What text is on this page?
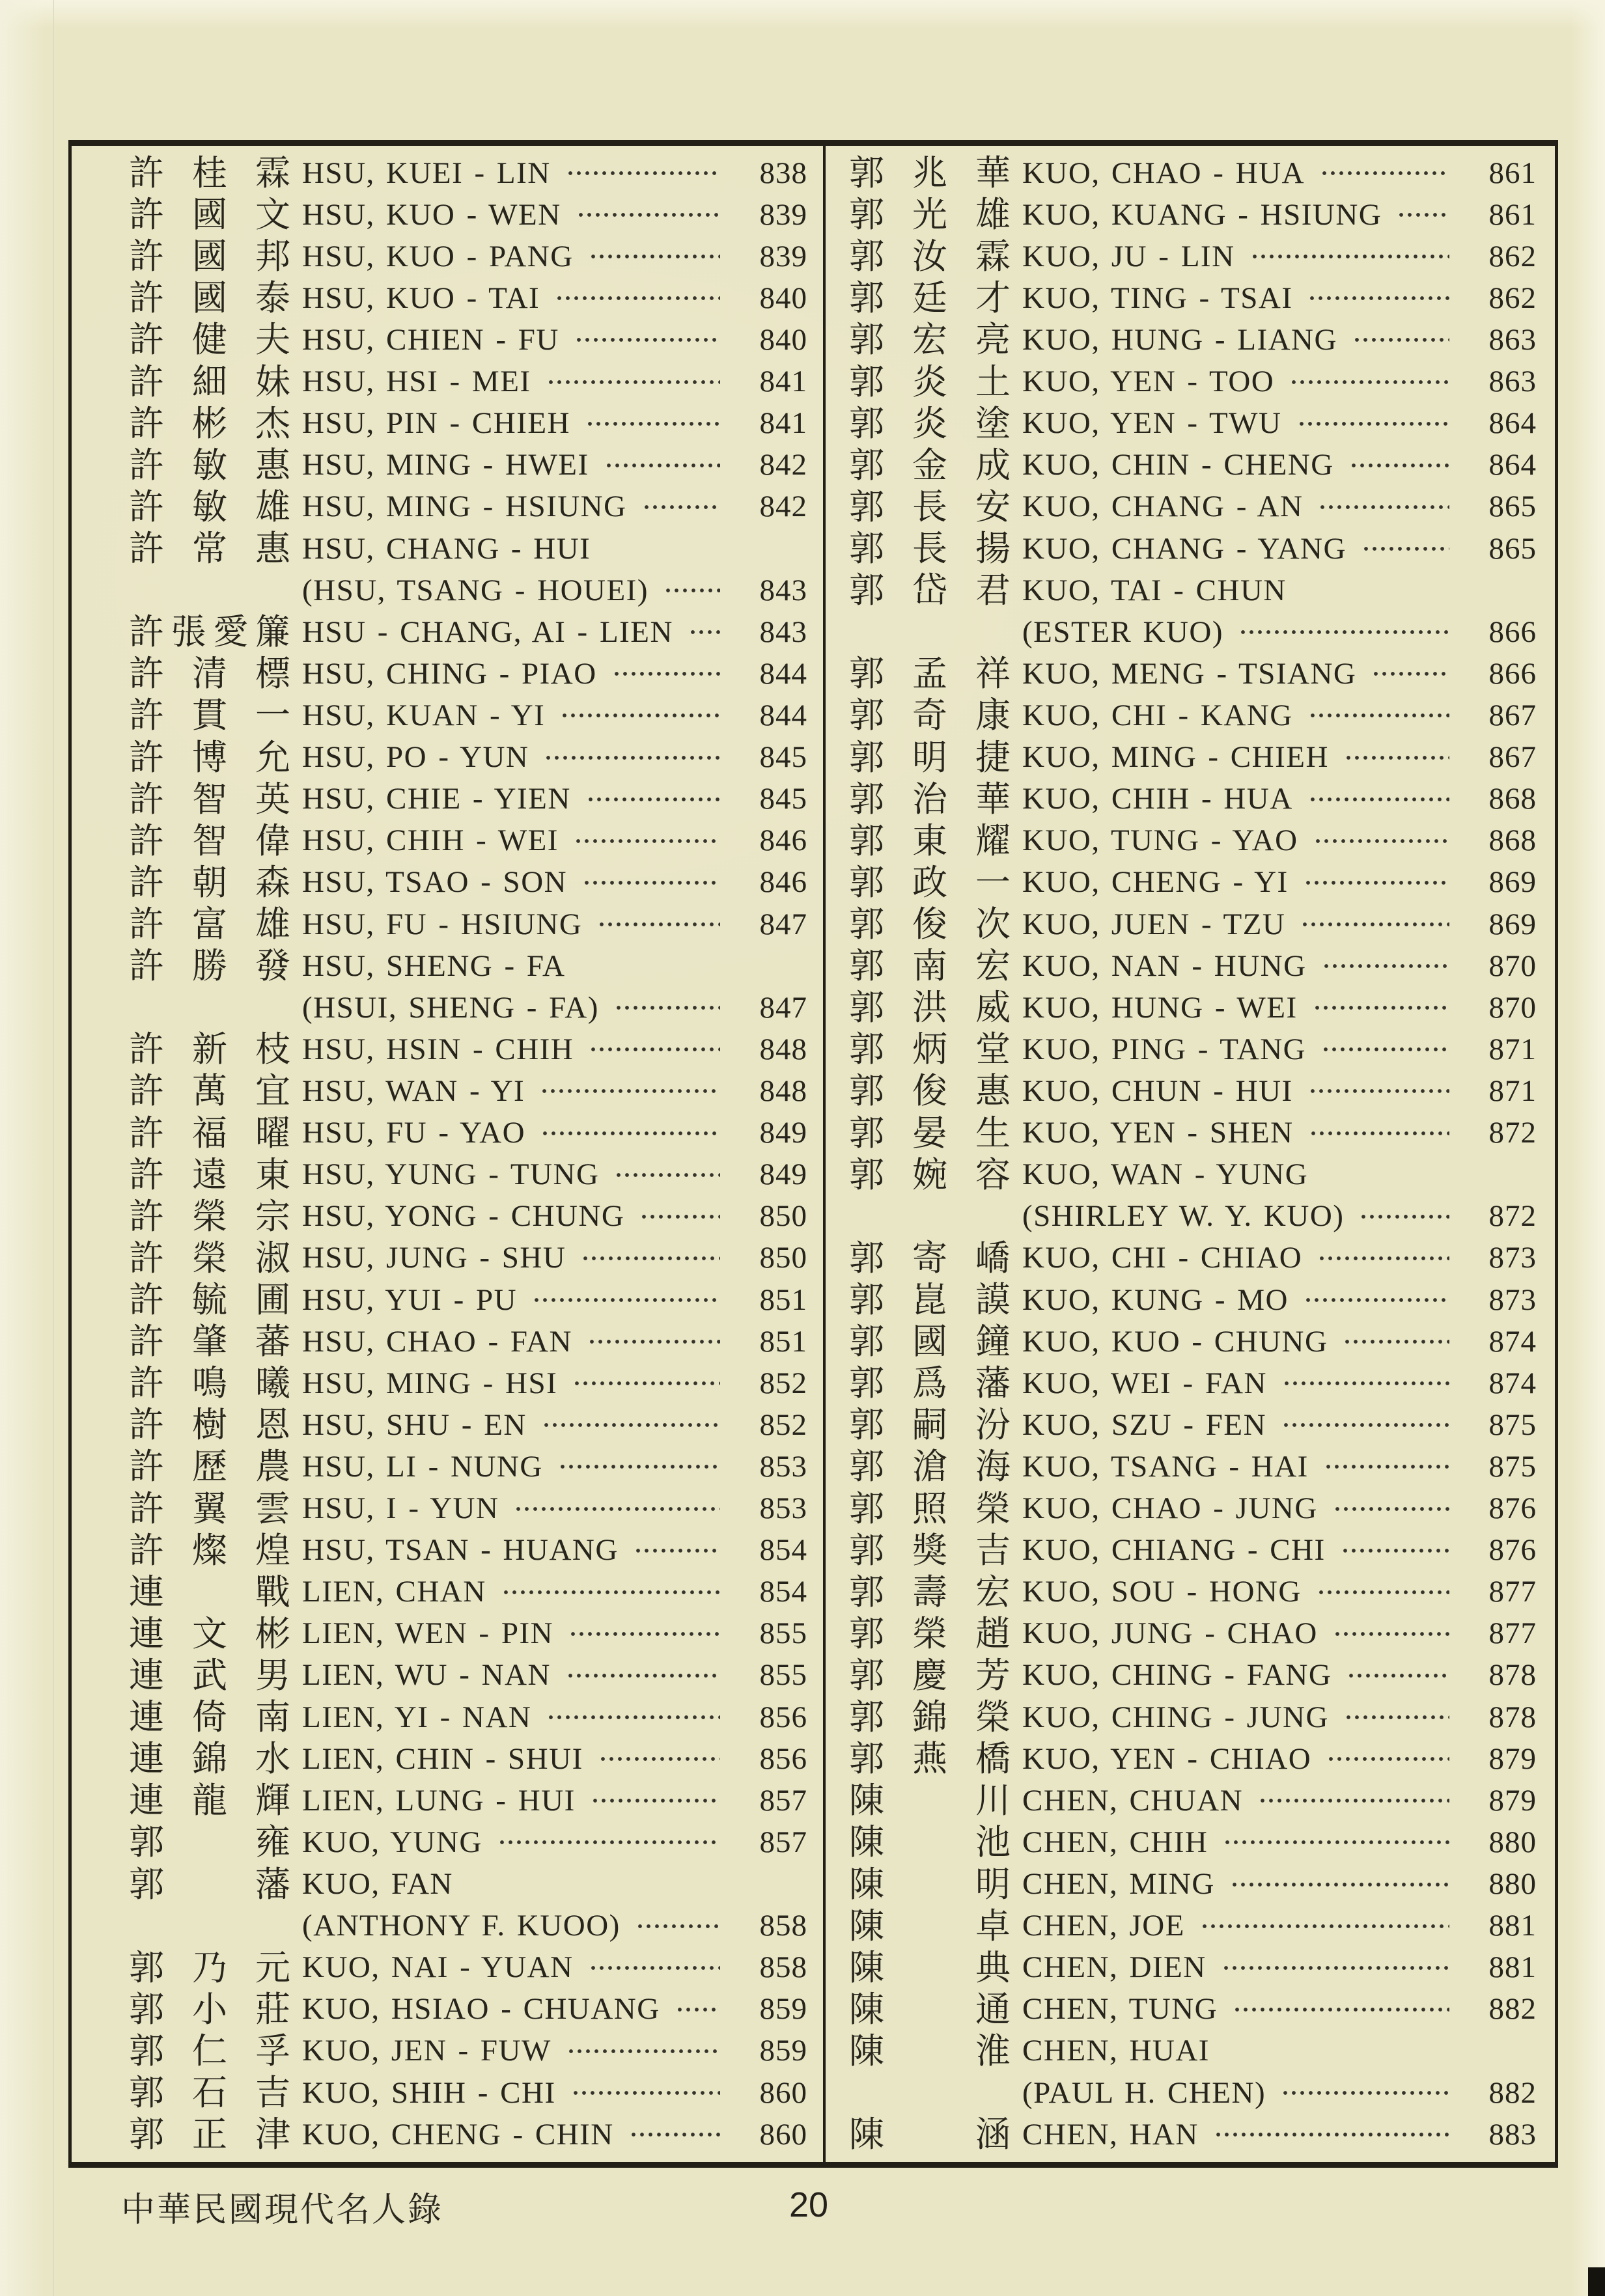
許 桂 霖 HSU, KUEI - LIN	838
許 國 文 HSU, KUO - WEN	839
許 國 邦 HSU, KUO - PANG	839
許 國 泰 HSU, KUO - TAI	840
許 健 夫 HSU, CHIEN - FU	840
許 細 妹 HSU, HSI - MEI	841
許 彬 杰 HSU, PIN - CHIEH	841
許 敏 惠 HSU, MING - HWEI	842
許 敏 雄 HSU, MING - HSIUNG	842
許 常 惠 HSU, CHANG - HUI
(HSU, TSANG - HOUEI)	843
許 張 愛 簾 HSU - CHANG, AI - LIEN	843
許 清 標 HSU, CHING - PIAO	844
許 貫 一 HSU, KUAN - YI	844
許 博 允 HSU, PO - YUN	845
許 智 英 HSU, CHIE - YIEN	845
許 智 偉 HSU, CHIH - WEI	846
許 朝 森 HSU, TSAO - SON	846
許 富 雄 HSU, FU - HSIUNG	847
許 勝 發 HSU, SHENG - FA
(HSUI, SHENG - FA)	847
許 新 枝 HSU, HSIN - CHIH	848
許 萬 宜 HSU, WAN - YI	848
許 福 曜 HSU, FU - YAO	849
許 遠 東 HSU, YUNG - TUNG	849
許 榮 宗 HSU, YONG - CHUNG	850
許 榮 淑 HSU, JUNG - SHU	850
許 毓 圃 HSU, YUI - PU	851
許 肇 蕃 HSU, CHAO - FAN	851
許 鳴 曦 HSU, MING - HSI	852
許 樹 恩 HSU, SHU - EN	852
許 歷 農 HSU, LI - NUNG	853
許 翼 雲 HSU, I - YUN	853
許 燦 煌 HSU, TSAN - HUANG	854
連	戰 LIEN, CHAN	854
連 文 彬 LIEN, WEN - PIN	855
連 武 男 LIEN, WU - NAN	855
連 倚 南 LIEN, YI - NAN	856
連 錦 水 LIEN, CHIN - SHUI	856
連 龍 輝 LIEN, LUNG - HUI	857
郭	雍 KUO, YUNG	857
郭	藩 KUO, FAN
(ANTHONY F. KUOO)	858
郭 乃 元 KUO, NAI - YUAN	858
郭 小 莊 KUO, HSIAO - CHUANG	859
郭 仁 孚 KUO, JEN - FUW	859
郭 石 吉 KUO, SHIH - CHI	860
郭 正 津 KUO, CHENG - CHIN	860
郭 兆 華 KUO, CHAO - HUA	861
郭 光 雄 KUO, KUANG - HSIUNG	861
郭 汝 霖 KUO, JU - LIN	862
郭 廷 才 KUO, TING - TSAI	862
郭 宏 亮 KUO, HUNG - LIANG	863
郭 炎 土 KUO, YEN - TOO	863
郭 炎 塗 KUO, YEN - TWU	864
郭 金 成 KUO, CHIN - CHENG	864
郭 長 安 KUO, CHANG - AN	865
郭 長 揚 KUO, CHANG - YANG	865
郭 岱 君 KUO, TAI - CHUN
(ESTER KUO)	866
郭 孟 祥 KUO, MENG - TSIANG	866
郭 奇 康 KUO, CHI - KANG	867
郭 明 捷 KUO, MING - CHIEH	867
郭 治 華 KUO, CHIH - HUA	868
郭 東 耀 KUO, TUNG - YAO	868
郭 政 一 KUO, CHENG - YI	869
郭 俊 次 KUO, JUEN - TZU	869
郭 南 宏 KUO, NAN - HUNG	870
郭 洪 威 KUO, HUNG - WEI	870
郭 炳 堂 KUO, PING - TANG	871
郭 俊 惠 KUO, CHUN - HUI	871
郭 晏 生 KUO, YEN - SHEN	872
郭 婉 容 KUO, WAN - YUNG
(SHIRLEY W. Y. KUO)	872
郭 寄 嶠 KUO, CHI - CHIAO	873
郭 崑 謨 KUO, KUNG - MO	873
郭 國 鐘 KUO, KUO - CHUNG	874
郭 爲 藩 KUO, WEI - FAN	874
郭 嗣 汾 KUO, SZU - FEN	875
郭 滄 海 KUO, TSANG - HAI	875
郭 照 榮 KUO, CHAO - JUNG	876
郭 獎 吉 KUO, CHIANG - CHI	876
郭 壽 宏 KUO, SOU - HONG	877
郭 榮 趙 KUO, JUNG - CHAO	877
郭 慶 芳 KUO, CHING - FANG	878
郭 錦 榮 KUO, CHING - JUNG	878
郭 燕 橋 KUO, YEN - CHIAO	879
陳	川 CHEN, CHUAN	879
陳	池 CHEN, CHIH	880
陳	明 CHEN, MING	880
陳	卓 CHEN, JOE	881
陳	典 CHEN, DIEN	881
陳	通 CHEN, TUNG	882
陳	淮 CHEN, HUAI
(PAUL H. CHEN)	882
陳	涵 CHEN, HAN	883
中華民國現代名人錄	20
